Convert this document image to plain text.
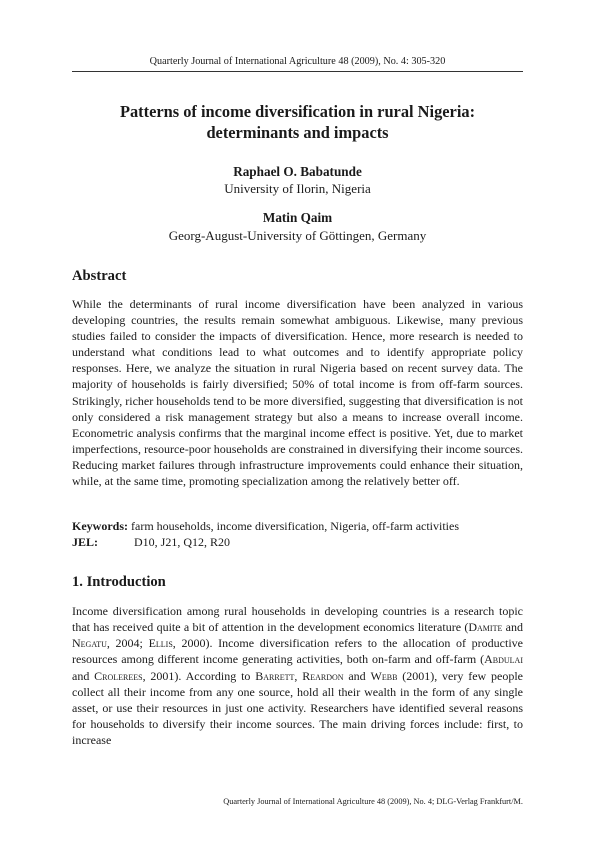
Quarterly Journal of International Agriculture 48 (2009), No. 4: 305-320
Patterns of income diversification in rural Nigeria:
determinants and impacts
Raphael O. Babatunde
University of Ilorin, Nigeria
Matin Qaim
Georg-August-University of Göttingen, Germany
Abstract

While the determinants of rural income diversification have been analyzed in various developing countries, the results remain somewhat ambiguous. Likewise, many previous studies failed to consider the impacts of diversification. Hence, more research is needed to understand what conditions lead to what outcomes and to identify appropriate policy responses. Here, we analyze the situation in rural Nigeria based on recent survey data. The majority of households is fairly diversified; 50% of total income is from off-farm sources. Strikingly, richer households tend to be more diversified, suggesting that diversification is not only considered a risk management strategy but also a means to increase overall income. Econometric analysis confirms that the marginal income effect is positive. Yet, due to market imperfections, resource-poor households are constrained in diversifying their income sources. Reducing market failures through infrastructure improvements could enhance their situation, while, at the same time, promoting specialization among the relatively better off.

Keywords: farm households, income diversification, Nigeria, off-farm activities
JEL:	D10, J21, Q12, R20
1. Introduction

Income diversification among rural households in developing countries is a research topic that has received quite a bit of attention in the development economics literature (Damite and Negatu, 2004; Ellis, 2000). Income diversification refers to the allocation of productive resources among different income generating activities, both on-farm and off-farm (Abdulai and Crolerees, 2001). According to Barrett, Reardon and Webb (2001), very few people collect all their income from any one source, hold all their wealth in the form of any single asset, or use their resources in just one activity. Researchers have identified several reasons for households to diversify their income sources. The main driving forces include: first, to increase

Quarterly Journal of International Agriculture 48 (2009), No. 4; DLG-Verlag Frankfurt/M.
